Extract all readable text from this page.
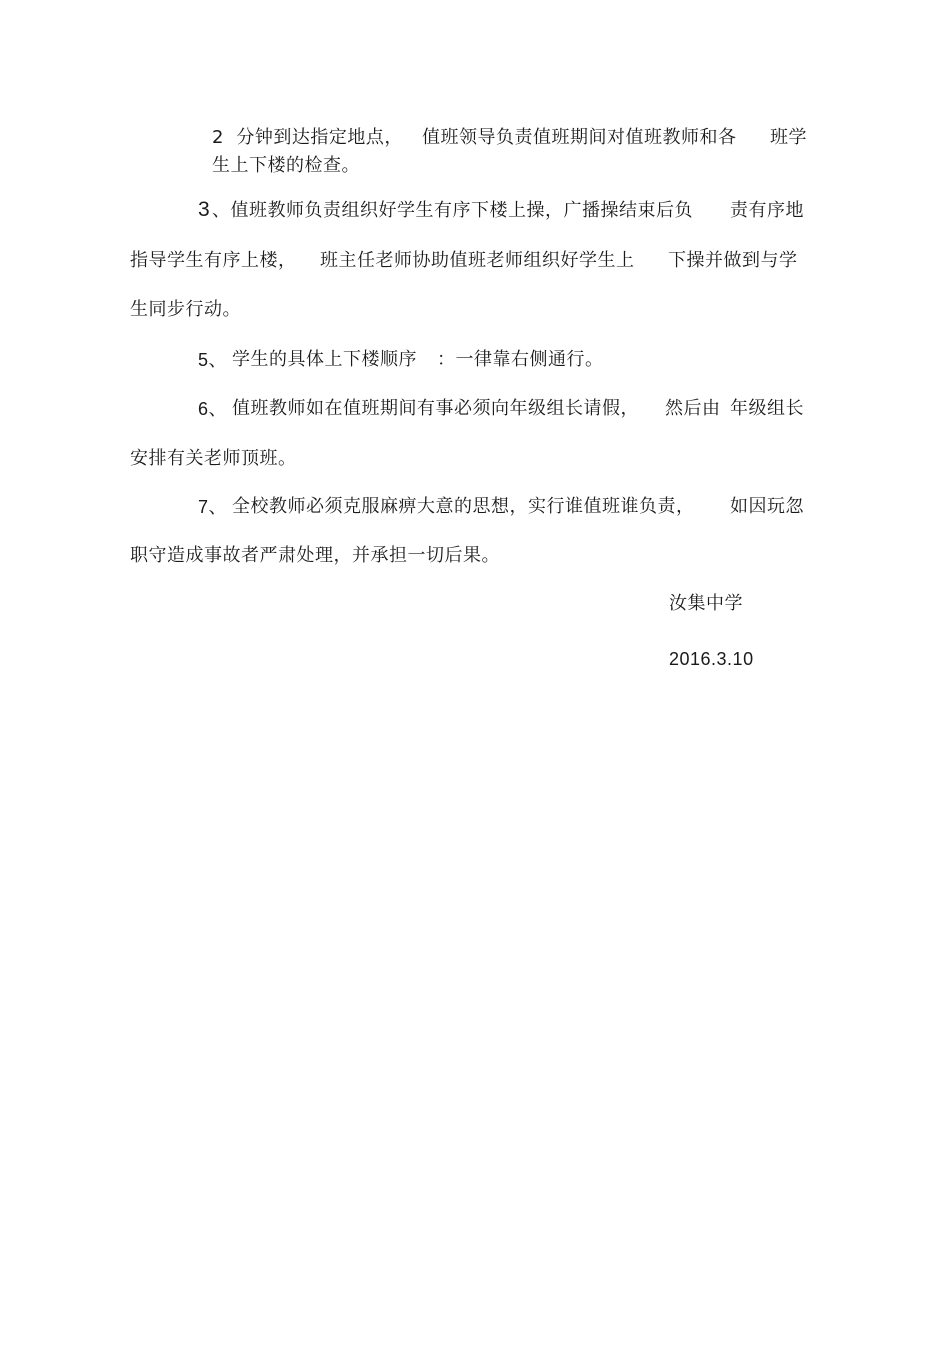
2  分钟到达指定地点， 值班领导负责值班期间对值班教师和各 班学
生上下楼的检查。
3 、值班教师负责组织好学生有序下楼上操，广播操结束后负 责有序地
指导学生有序上楼， 班主任老师协助值班老师组织好学生上 下操并做到与学
生同步行动。
5、 学生的具体上下楼顺序 ：一律靠右侧通行。
6、 值班教师如在值班期间有事必须向年级组长请假， 然后由 年级组长
安排有关老师顶班。
7、 全校教师必须克服麻痹大意的思想，实行谁值班谁负责， 如因玩忽
职守造成事故者严肃处理，并承担一切后果。
汝集中学
2016.3.10
